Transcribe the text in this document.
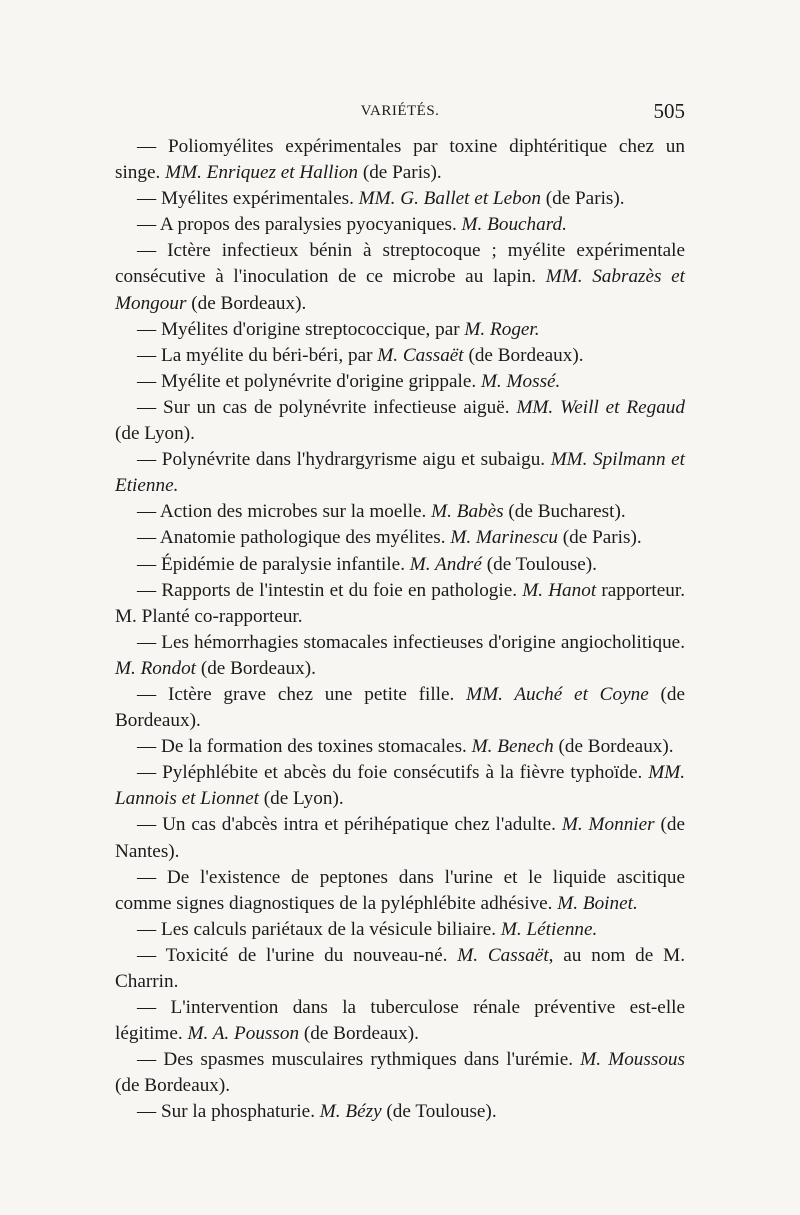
VARIÉTÉS.	505

— Poliomyélites expérimentales par toxine diphtéritique chez un singe. MM. Enriquez et Hallion (de Paris).

— Myélites expérimentales. MM. G. Ballet et Lebon (de Paris).

— A propos des paralysies pyocyaniques. M. Bouchard.

— Ictère infectieux bénin à streptocoque ; myélite expérimentale consécutive à l'inoculation de ce microbe au lapin. MM. Sabrazès et Mongour (de Bordeaux).

— Myélites d'origine streptococcique, par M. Roger.

— La myélite du béri-béri, par M. Cassaët (de Bordeaux).

— Myélite et polynévrite d'origine grippale. M. Mossé.

— Sur un cas de polynévrite infectieuse aiguë. MM. Weill et Regaud (de Lyon).

— Polynévrite dans l'hydrargyrisme aigu et subaigu. MM. Spilmann et Etienne.

— Action des microbes sur la moelle. M. Babès (de Bucharest).

— Anatomie pathologique des myélites. M. Marinescu (de Paris).

— Épidémie de paralysie infantile. M. André (de Toulouse).

— Rapports de l'intestin et du foie en pathologie. M. Hanot rapporteur. M. Planté co-rapporteur.

— Les hémorrhagies stomacales infectieuses d'origine angiocholitique. M. Rondot (de Bordeaux).

— Ictère grave chez une petite fille. MM. Auché et Coyne (de Bordeaux).

— De la formation des toxines stomacales. M. Benech (de Bordeaux).

— Pyléphlébite et abcès du foie consécutifs à la fièvre typhoïde. MM. Lannois et Lionnet (de Lyon).

— Un cas d'abcès intra et périhépatique chez l'adulte. M. Monnier (de Nantes).

— De l'existence de peptones dans l'urine et le liquide ascitique comme signes diagnostiques de la pyléphlébite adhésive. M. Boinet.

— Les calculs pariétaux de la vésicule biliaire. M. Létienne.

— Toxicité de l'urine du nouveau-né. M. Cassaët, au nom de M. Charrin.

— L'intervention dans la tuberculose rénale préventive est-elle légitime. M. A. Pousson (de Bordeaux).

— Des spasmes musculaires rythmiques dans l'urémie. M. Moussous (de Bordeaux).

— Sur la phosphaturie. M. Bézy (de Toulouse).
